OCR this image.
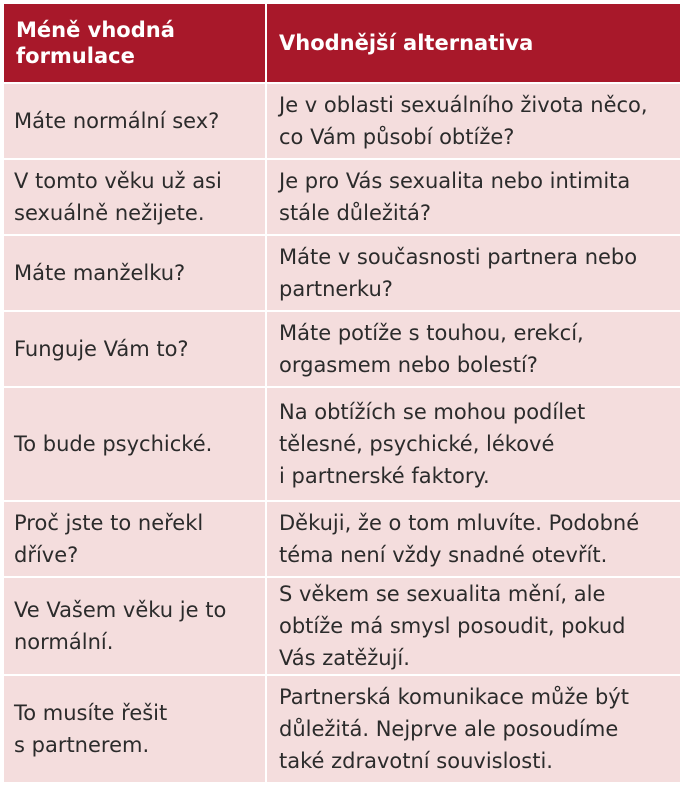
Méně vhodná
formulace	Vhodnější alternativa

Máte normální sex?	Je v oblasti sexuálního života něco,
co Vám působí obtíže?

V tomto věku už asi
sexuálně nežijete.	Je pro Vás sexualita nebo intimita
stále důležitá?

Máte manželku?	Máte v současnosti partnera nebo
partnerku?

Funguje Vám to?	Máte potíže s touhou, erekcí,
orgasmem nebo bolestí?

To bude psychické.	Na obtížích se mohou podílet
tělesné, psychické, lékové
i partnerské faktory.

Proč jste to neřekl
dříve?	Děkuji, že o tom mluvíte. Podobné
téma není vždy snadné otevřít.

Ve Vašem věku je to
normální.	S věkem se sexualita mění, ale
obtíže má smysl posoudit, pokud
Vás zatěžují.

To musíte řešit
s partnerem.	Partnerská komunikace může být
důležitá. Nejprve ale posoudíme
také zdravotní souvislosti.
